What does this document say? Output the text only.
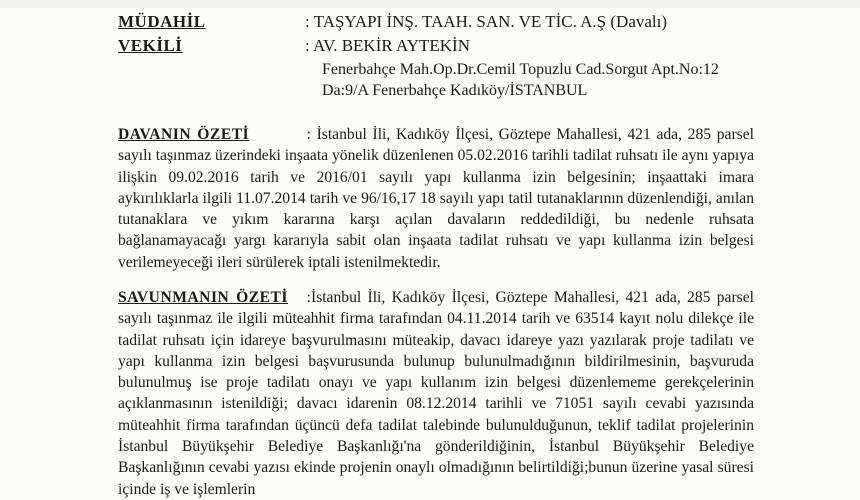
MÜDAHİL	: TAŞYAPI İNŞ. TAAH. SAN. VE TİC. A.Ş (Davalı)
VEKİLİ	: AV. BEKİR AYTEKİN
Fenerbahçe Mah.Op.Dr.Cemil Topuzlu Cad.Sorgut Apt.No:12
Da:9/A Fenerbahçe Kadıköy/İSTANBUL
DAVANIN ÖZETİ	: İstanbul İli, Kadıköy İlçesi, Göztepe Mahallesi, 421 ada, 285 parsel sayılı taşınmaz üzerindeki inşaata yönelik düzenlenen 05.02.2016 tarihli tadilat ruhsatı ile aynı yapıya ilişkin 09.02.2016 tarih ve 2016/01 sayılı yapı kullanma izin belgesinin; inşaattaki imara aykırılıklarla ilgili 11.07.2014 tarih ve 96/16,17 18 sayılı yapı tatil tutanaklarının düzenlendiği, anılan tutanaklara ve yıkım kararına karşı açılan davaların reddedildiği, bu nedenle ruhsata bağlanamayacağı yargı kararıyla sabit olan inşaata tadilat ruhsatı ve yapı kullanma izin belgesi verilemeyeceği ileri sürülerek iptali istenilmektedir.
SAVUNMANIN ÖZETİ :İstanbul İli, Kadıköy İlçesi, Göztepe Mahallesi, 421 ada, 285 parsel sayılı taşınmaz ile ilgili müteahhit firma tarafından 04.11.2014 tarih ve 63514 kayıt nolu dilekçe ile tadilat ruhsatı için idareye başvurulmasını müteakip, davacı idareye yazı yazılarak proje tadilatı ve yapı kullanma izin belgesi başvurusunda bulunup bulunulmadığının bildirilmesinin, başvuruda bulunulmuş ise proje tadilatı onayı ve yapı kullanım izin belgesi düzenlememe gerekçelerinin açıklanmasının istenildiği; davacı idarenin 08.12.2014 tarihli ve 71051 sayılı cevabi yazısında müteahhit firma tarafından üçüncü defa tadilat talebinde bulunulduğunun, teklif tadilat projelerinin İstanbul Büyükşehir Belediye Başkanlığı'na gönderildiğinin, İstanbul Büyükşehir Belediye Başkanlığının cevabi yazısı ekinde projenin onaylı olmadığının belirtildiği;bunun üzerine yasal süresi içinde iş ve işlemlerin
